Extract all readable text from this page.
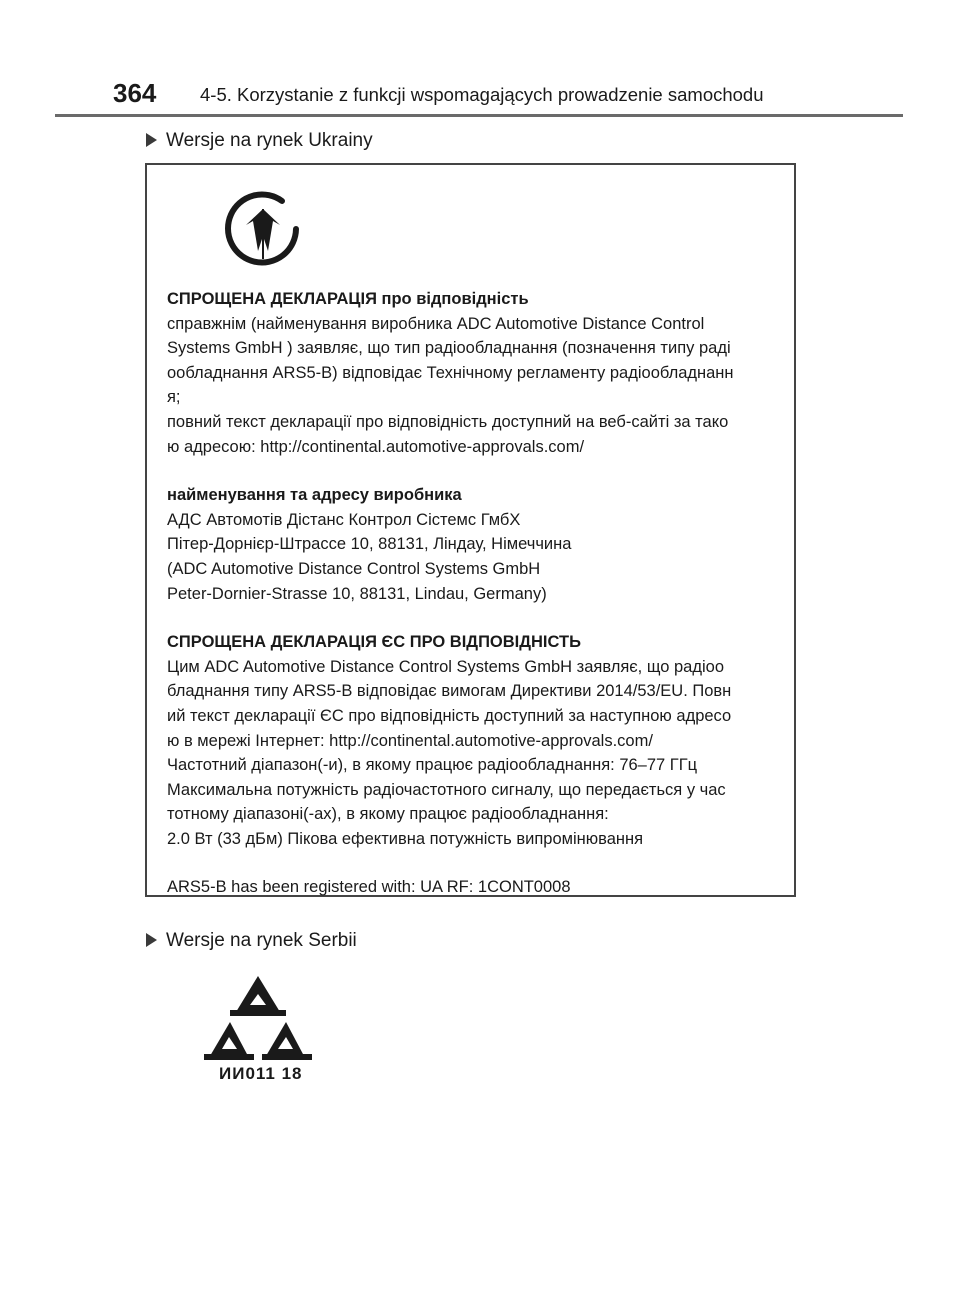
364 4-5. Korzystanie z funkcji wspomagających prowadzenie samochodu
Wersje na rynek Ukrainy

СПРОЩЕНА ДЕКЛАРАЦІЯ про відповідність

справжнім (найменування виробника ADC Automotive Distance Control

Systems GmbH ) заявляє, що тип радіообладнання (позначення типу раді

ообладнання ARS5-B) відповідає Технічному регламенту радіообладнанн

я;

повний текст декларації про відповідність доступний на веб-сайті за тако

ю адресою: http://continental.automotive-approvals.com/

найменування та адресу виробника

АДС Автомотів Дістанс Контрол Сістемс ГмбХ

Пітер-Дорнієр-Штрассе 10, 88131, Ліндау, Німеччина

(ADC Automotive Distance Control Systems GmbH

Peter-Dornier-Strasse 10, 88131, Lindau, Germany)

СПРОЩЕНА ДЕКЛАРАЦІЯ ЄС ПРО ВІДПОВІДНІСТЬ

Цим ADC Automotive Distance Control Systems GmbH заявляє, що радіоо

бладнання типу ARS5-B відповідає вимогам Директиви 2014/53/EU. Повн

ий текст декларації ЄС про відповідність доступний за наступною адресо

ю в мережі Інтернет: http://continental.automotive-approvals.com/

Частотний діапазон(-и), в якому працює радіообладнання: 76–77 ГГц

Максимальна потужність радіочастотного сигналу, що передається у час

тотному діапазоні(-ах), в якому працює радіообладнання:

2.0 Вт (33 дБм) Пікова ефективна потужність випромінювання

ARS5-B has been registered with: UA RF: 1CONT0008

Wersje na rynek Serbii
ИИ011 18
